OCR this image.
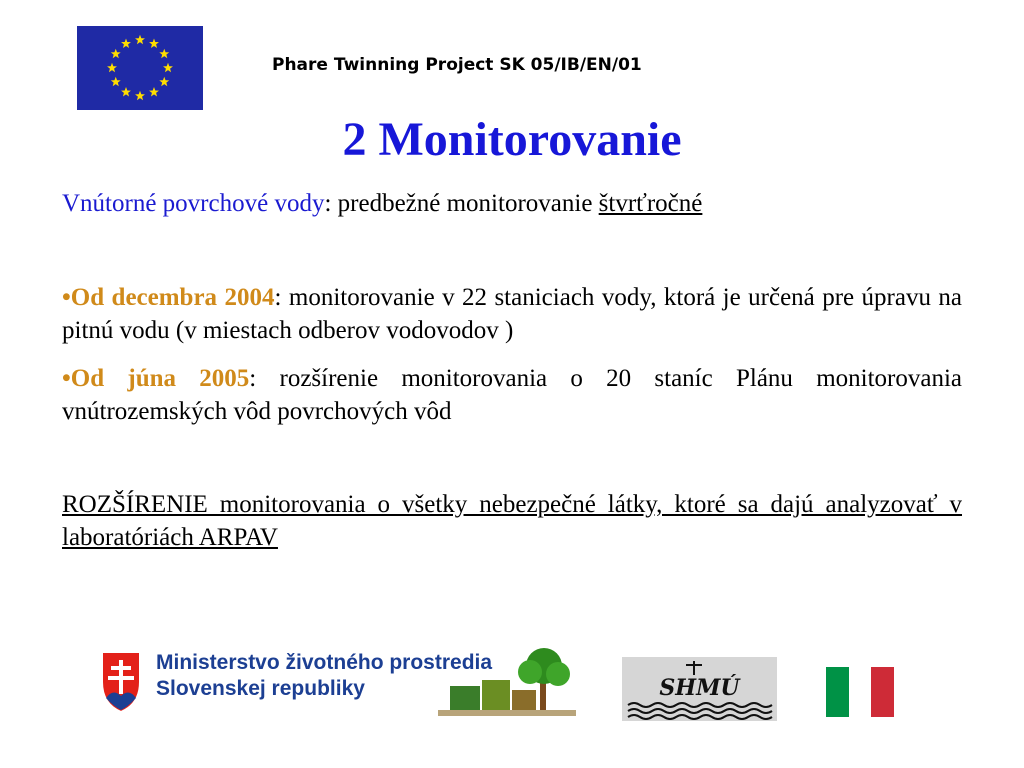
Phare Twinning Project SK 05/IB/EN/01
2 Monitorovanie
Vnútorné povrchové vody: predbežné monitorovanie štvrťročné
•Od decembra 2004: monitorovanie v 22 staniciach vody, ktorá je určená pre úpravu na pitnú vodu (v miestach odberov vodovodov )
•Od júna 2005: rozšírenie monitorovania o 20 staníc Plánu monitorovania vnútrozemských vôd povrchových vôd
ROZŠÍRENIE monitorovania o všetky nebezpečné látky, ktoré sa dajú analyzovať v laboratóriách ARPAV
Ministerstvo životného prostredia
Slovenskej republiky	SHMÚ
